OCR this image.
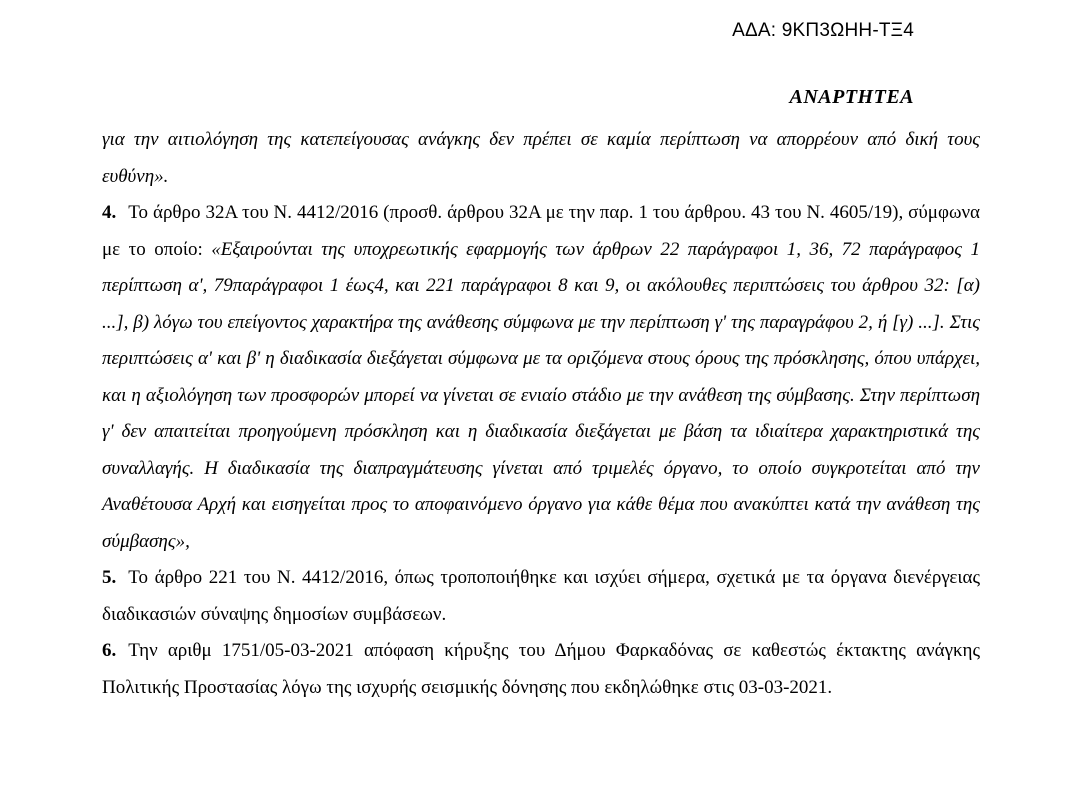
ΑΔΑ: 9ΚΠ3ΩΗΗ-ΤΞ4
ΑΝΑΡΤΗΤΕΑ

για την αιτιολόγηση της κατεπείγουσας ανάγκης δεν πρέπει σε καμία περίπτωση να απορρέουν από δική τους ευθύνη».

4. Το άρθρο 32Α του Ν. 4412/2016 (προσθ. άρθρου 32Α με την παρ. 1 του άρθρου. 43 του Ν. 4605/19), σύμφωνα με το οποίο: «Εξαιρούνται της υποχρεωτικής εφαρμογής των άρθρων 22 παράγραφοι 1, 36, 72 παράγραφος 1 περίπτωση α', 79παράγραφοι 1 έως4, και 221 παράγραφοι 8 και 9, οι ακόλουθες περιπτώσεις του άρθρου 32: [α) ...], β) λόγω του επείγοντος χαρακτήρα της ανάθεσης σύμφωνα με την περίπτωση γ' της παραγράφου 2, ή [γ) ...]. Στις περιπτώσεις α' και β' η διαδικασία διεξάγεται σύμφωνα με τα οριζόμενα στους όρους της πρόσκλησης, όπου υπάρχει, και η αξιολόγηση των προσφορών μπορεί να γίνεται σε ενιαίο στάδιο με την ανάθεση της σύμβασης. Στην περίπτωση γ' δεν απαιτείται προηγούμενη πρόσκληση και η διαδικασία διεξάγεται με βάση τα ιδιαίτερα χαρακτηριστικά της συναλλαγής. Η διαδικασία της διαπραγμάτευσης γίνεται από τριμελές όργανο, το οποίο συγκροτείται από την Αναθέτουσα Αρχή και εισηγείται προς το αποφαινόμενο όργανο για κάθε θέμα που ανακύπτει κατά την ανάθεση της σύμβασης»,

5. Το άρθρο 221 του Ν. 4412/2016, όπως τροποποιήθηκε και ισχύει σήμερα, σχετικά με τα όργανα διενέργειας διαδικασιών σύναψης δημοσίων συμβάσεων.

6. Την αριθμ 1751/05-03-2021 απόφαση κήρυξης του Δήμου Φαρκαδόνας σε καθεστώς έκτακτης ανάγκης Πολιτικής Προστασίας λόγω της ισχυρής σεισμικής δόνησης που εκδηλώθηκε στις 03-03-2021.
